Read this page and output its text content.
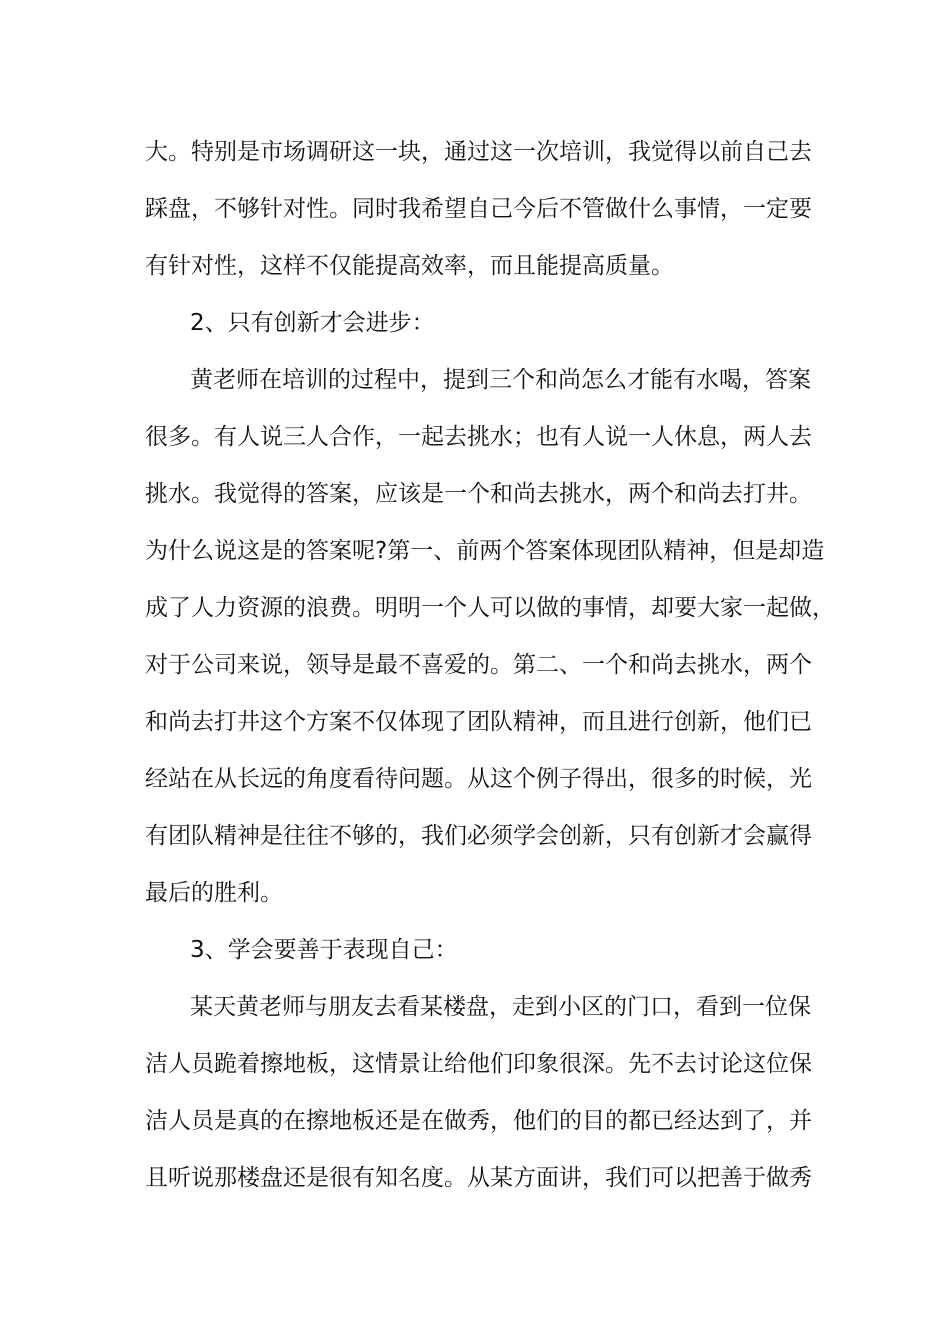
大。特别是市场调研这一块，通过这一次培训，我觉得以前自己去
踩盘，不够针对性。同时我希望自己今后不管做什么事情，一定要
有针对性，这样不仅能提高效率，而且能提高质量。
2、只有创新才会进步：
黄老师在培训的过程中，提到三个和尚怎么才能有水喝，答案
很多。有人说三人合作，一起去挑水；也有人说一人休息，两人去
挑水。我觉得的答案，应该是一个和尚去挑水，两个和尚去打井。
为什么说这是的答案呢?第一、前两个答案体现团队精神，但是却造
成了人力资源的浪费。明明一个人可以做的事情，却要大家一起做，
对于公司来说，领导是最不喜爱的。第二、一个和尚去挑水，两个
和尚去打井这个方案不仅体现了团队精神，而且进行创新，他们已
经站在从长远的角度看待问题。从这个例子得出，很多的时候，光
有团队精神是往往不够的，我们必须学会创新，只有创新才会赢得
最后的胜利。
3、学会要善于表现自己：
某天黄老师与朋友去看某楼盘，走到小区的门口，看到一位保
洁人员跪着擦地板，这情景让给他们印象很深。先不去讨论这位保
洁人员是真的在擦地板还是在做秀，他们的目的都已经达到了，并
且听说那楼盘还是很有知名度。从某方面讲，我们可以把善于做秀
